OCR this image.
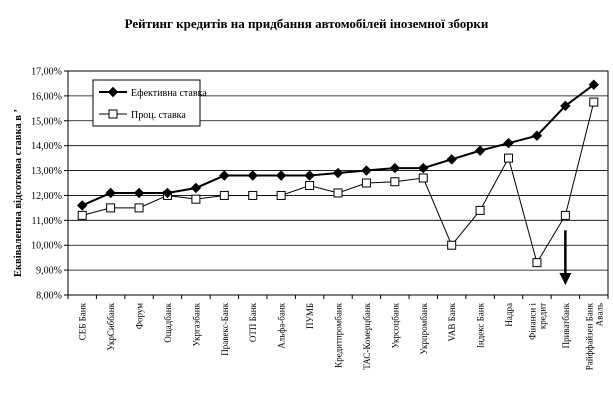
Рейтинг кредитів на придбання автомобілей іноземної зборки
8,00%
9,00%
10,00%
11,00%
12,00%
13,00%
14,00%
15,00%
16,00%
17,00%
СЕБ Банк УкрСиббанк Форум Ощадбанк Укргазбанк Правекс-Банк ОТП Банк Альфа-банк ПУМБ Кредитпромбанк ТАС-Комерцбанк Укрсоцбанк Укрпромбанк VAB Банк Індекс Банк Надра Фінанси і кредит Приватбанк Райффайзен Банк Аваль
Еквівалентна відсоткова ставка в ’
Ефективна ставка
Проц. ставка
